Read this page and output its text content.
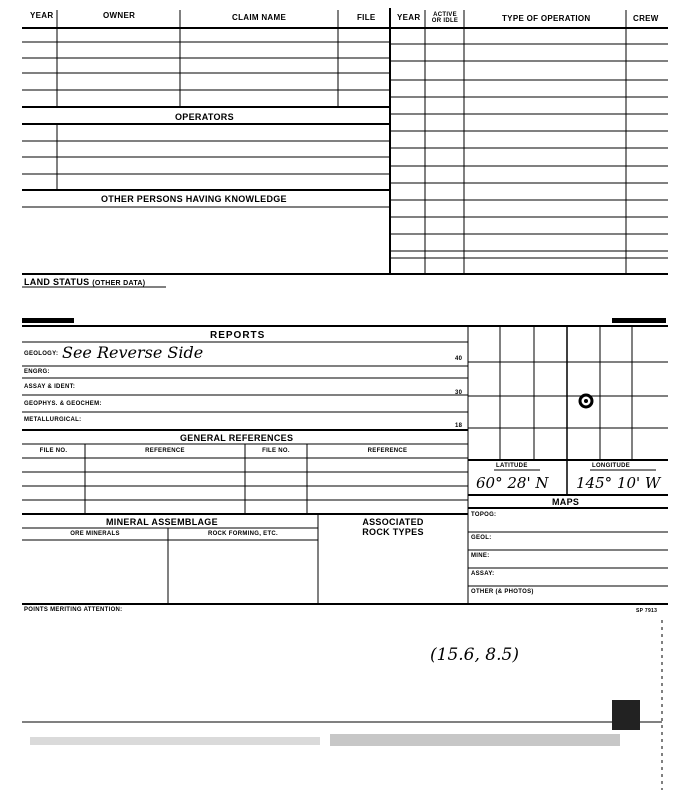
YEAR	OWNER	CLAIM NAME	FILE	YEAR	ACTIVE OR IDLE	TYPE OF OPERATION	CREW
OPERATORS
OTHER PERSONS HAVING KNOWLEDGE
LAND STATUS (OTHER DATA)
REPORTS
GEOLOGY: See Reverse Side	40
ENGRG:
ASSAY & IDENT:
30
GEOPHYS. & GEOCHEM:
METALLURGICAL:
18
GENERAL REFERENCES
FILE NO.	REFERENCE	FILE NO.	REFERENCE
LATITUDE	LONGITUDE
60° 28' N 145° 10' W
MAPS
TOPOG:
GEOL:
MINE:
ASSAY:
OTHER (& PHOTOS)
MINERAL ASSEMBLAGE
ORE MINERALS	ROCK FORMING, ETC.
ASSOCIATED
ROCK TYPES
POINTS MERITING ATTENTION:	SP 7913
(15.6, 8.5)
